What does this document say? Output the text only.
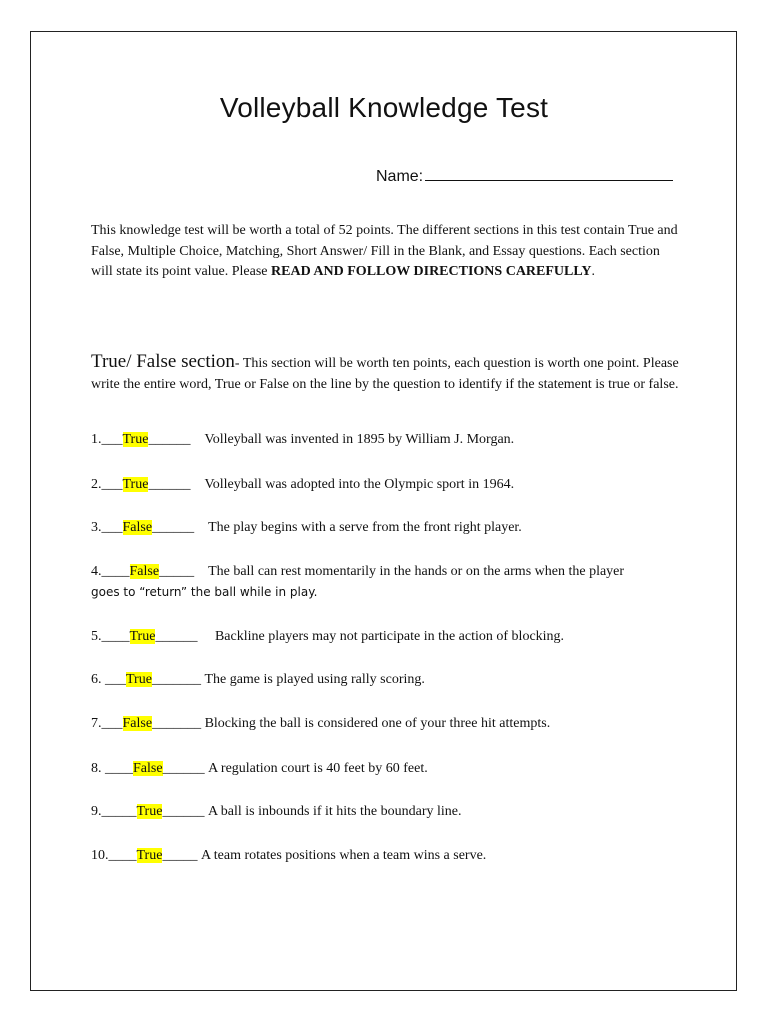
Volleyball Knowledge Test
Name:
This knowledge test will be worth a total of 52 points. The different sections in this test contain True and False, Multiple Choice, Matching, Short Answer/ Fill in the Blank, and Essay questions. Each section will state its point value. Please READ AND FOLLOW DIRECTIONS CAREFULLY.
True/ False section- This section will be worth ten points, each question is worth one point. Please write the entire word, True or False on the line by the question to identify if the statement is true or false.
1.___True______ Volleyball was invented in 1895 by William J. Morgan.
2.___True______ Volleyball was adopted into the Olympic sport in 1964.
3.___False______ The play begins with a serve from the front right player.
4.____False_____ The ball can rest momentarily in the hands or on the arms when the player
goes to “return” the ball while in play.
5.____True______ Backline players may not participate in the action of blocking.
6. ___True_______ The game is played using rally scoring.
7.___False_______ Blocking the ball is considered one of your three hit attempts.
8. ____False______ A regulation court is 40 feet by 60 feet.
9._____True______ A ball is inbounds if it hits the boundary line.
10.____True_____ A team rotates positions when a team wins a serve.
